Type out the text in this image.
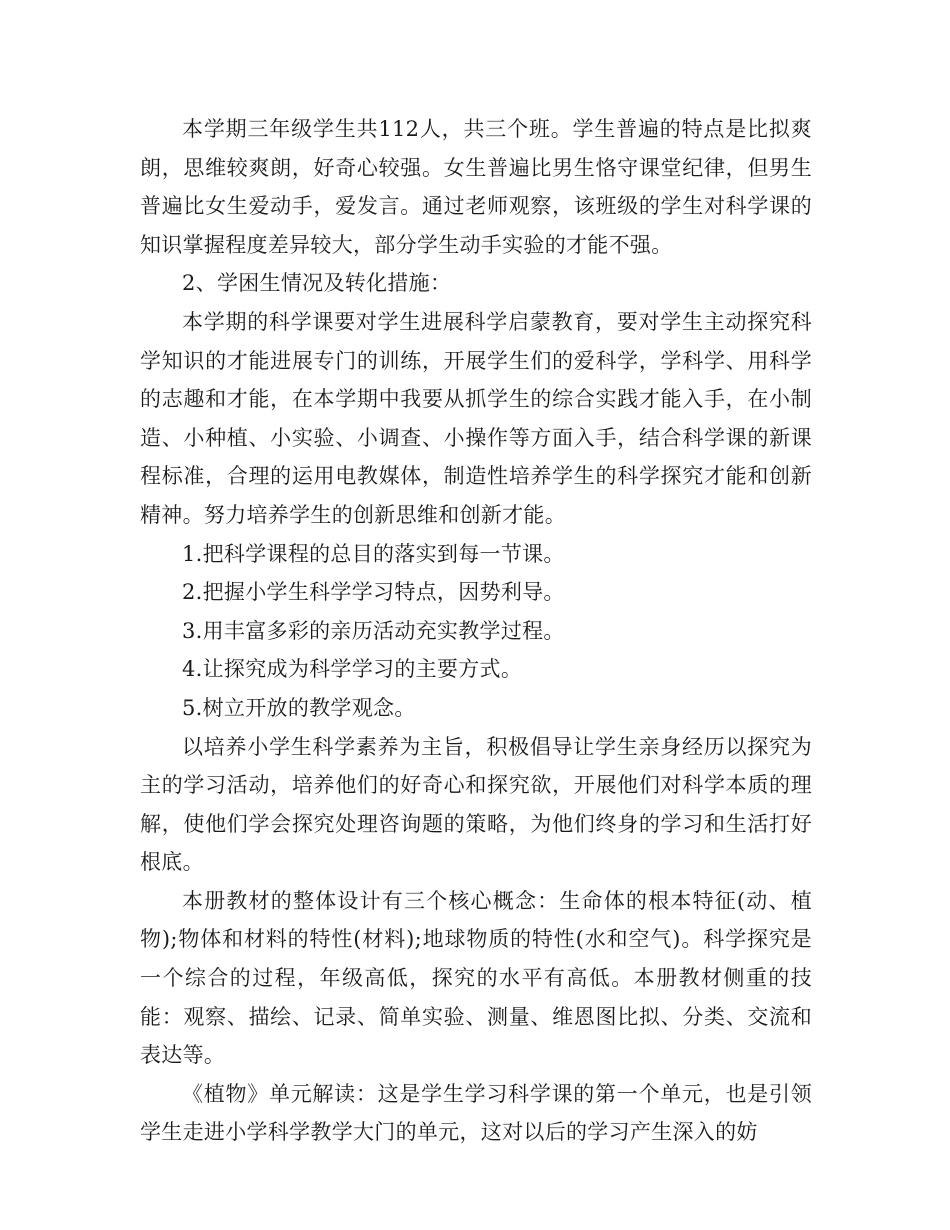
本学期三年级学生共112人，共三个班。学生普遍的特点是比拟爽朗，思维较爽朗，好奇心较强。女生普遍比男生恪守课堂纪律，但男生普遍比女生爱动手，爱发言。通过老师观察，该班级的学生对科学课的知识掌握程度差异较大，部分学生动手实验的才能不强。

2、学困生情况及转化措施：

本学期的科学课要对学生进展科学启蒙教育，要对学生主动探究科学知识的才能进展专门的训练，开展学生们的爱科学，学科学、用科学的志趣和才能，在本学期中我要从抓学生的综合实践才能入手，在小制造、小种植、小实验、小调查、小操作等方面入手，结合科学课的新课程标准，合理的运用电教媒体，制造性培养学生的科学探究才能和创新精神。努力培养学生的创新思维和创新才能。

1.把科学课程的总目的落实到每一节课。

2.把握小学生科学学习特点，因势利导。

3.用丰富多彩的亲历活动充实教学过程。

4.让探究成为科学学习的主要方式。

5.树立开放的教学观念。

以培养小学生科学素养为主旨，积极倡导让学生亲身经历以探究为主的学习活动，培养他们的好奇心和探究欲，开展他们对科学本质的理解，使他们学会探究处理咨询题的策略，为他们终身的学习和生活打好根底。

本册教材的整体设计有三个核心概念：生命体的根本特征(动、植物);物体和材料的特性(材料);地球物质的特性(水和空气)。科学探究是一个综合的过程，年级高低，探究的水平有高低。本册教材侧重的技能：观察、描绘、记录、简单实验、测量、维恩图比拟、分类、交流和表达等。

《植物》单元解读：这是学生学习科学课的第一个单元，也是引领学生走进小学科学教学大门的单元，这对以后的学习产生深入的妨
